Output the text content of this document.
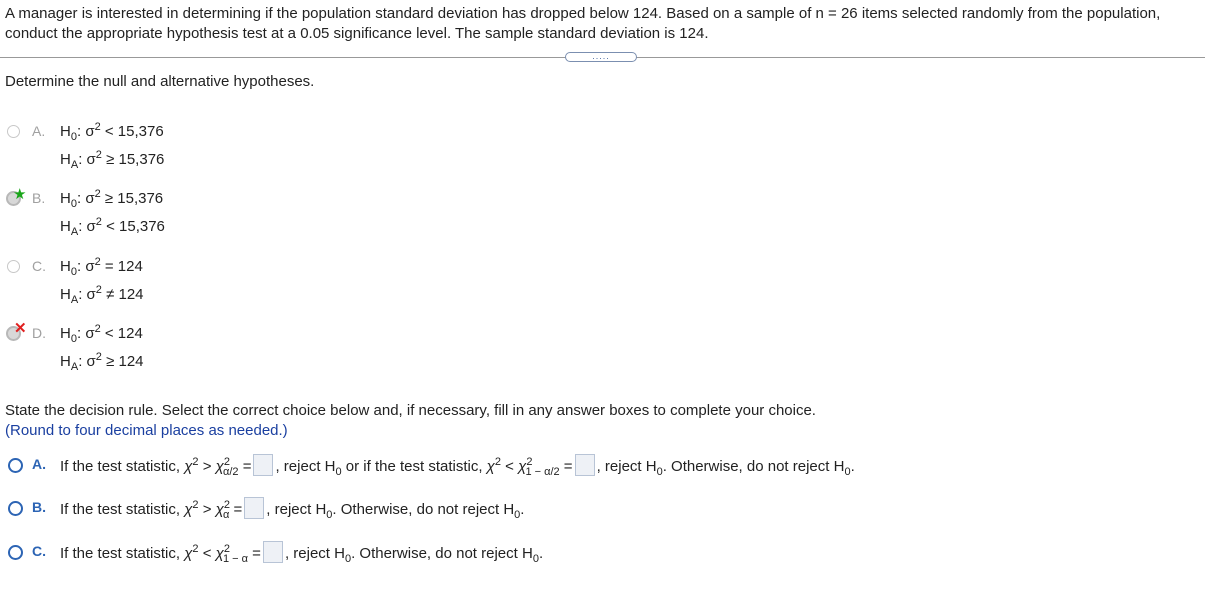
A manager is interested in determining if the population standard deviation has dropped below 124. Based on a sample of n = 26 items selected randomly from the population, conduct the appropriate hypothesis test at a 0.05 significance level. The sample standard deviation is 124.
.....
Determine the null and alternative hypotheses.
A. $H_0$: $\sigma^2 < 15,376$
$H_A$: $\sigma^2 \ge 15,376$
★ B. $H_0$: $\sigma^2 \ge 15,376$
$H_A$: $\sigma^2 < 15,376$
C. $H_0$: $\sigma^2 = 124$
$H_A$: $\sigma^2 \ne 124$
✕ D. $H_0$: $\sigma^2 < 124$
$H_A$: $\sigma^2 \ge 124$
State the decision rule. Select the correct choice below and, if necessary, fill in any answer boxes to complete your choice.
(Round to four decimal places as needed.)
A. If the test statistic, $\chi^2 > \chi^2_{\alpha/2}$ = , reject $H_0$ or if the test statistic, $\chi^2 < \chi^2_{1 - \alpha/2}$ = , reject $H_0$. Otherwise, do not reject $H_0$.
B. If the test statistic, $\chi^2 > \chi^2_\alpha$ = , reject $H_0$. Otherwise, do not reject $H_0$.
C. If the test statistic, $\chi^2 < \chi^2_{1 - \alpha}$ = , reject $H_0$. Otherwise, do not reject $H_0$.
